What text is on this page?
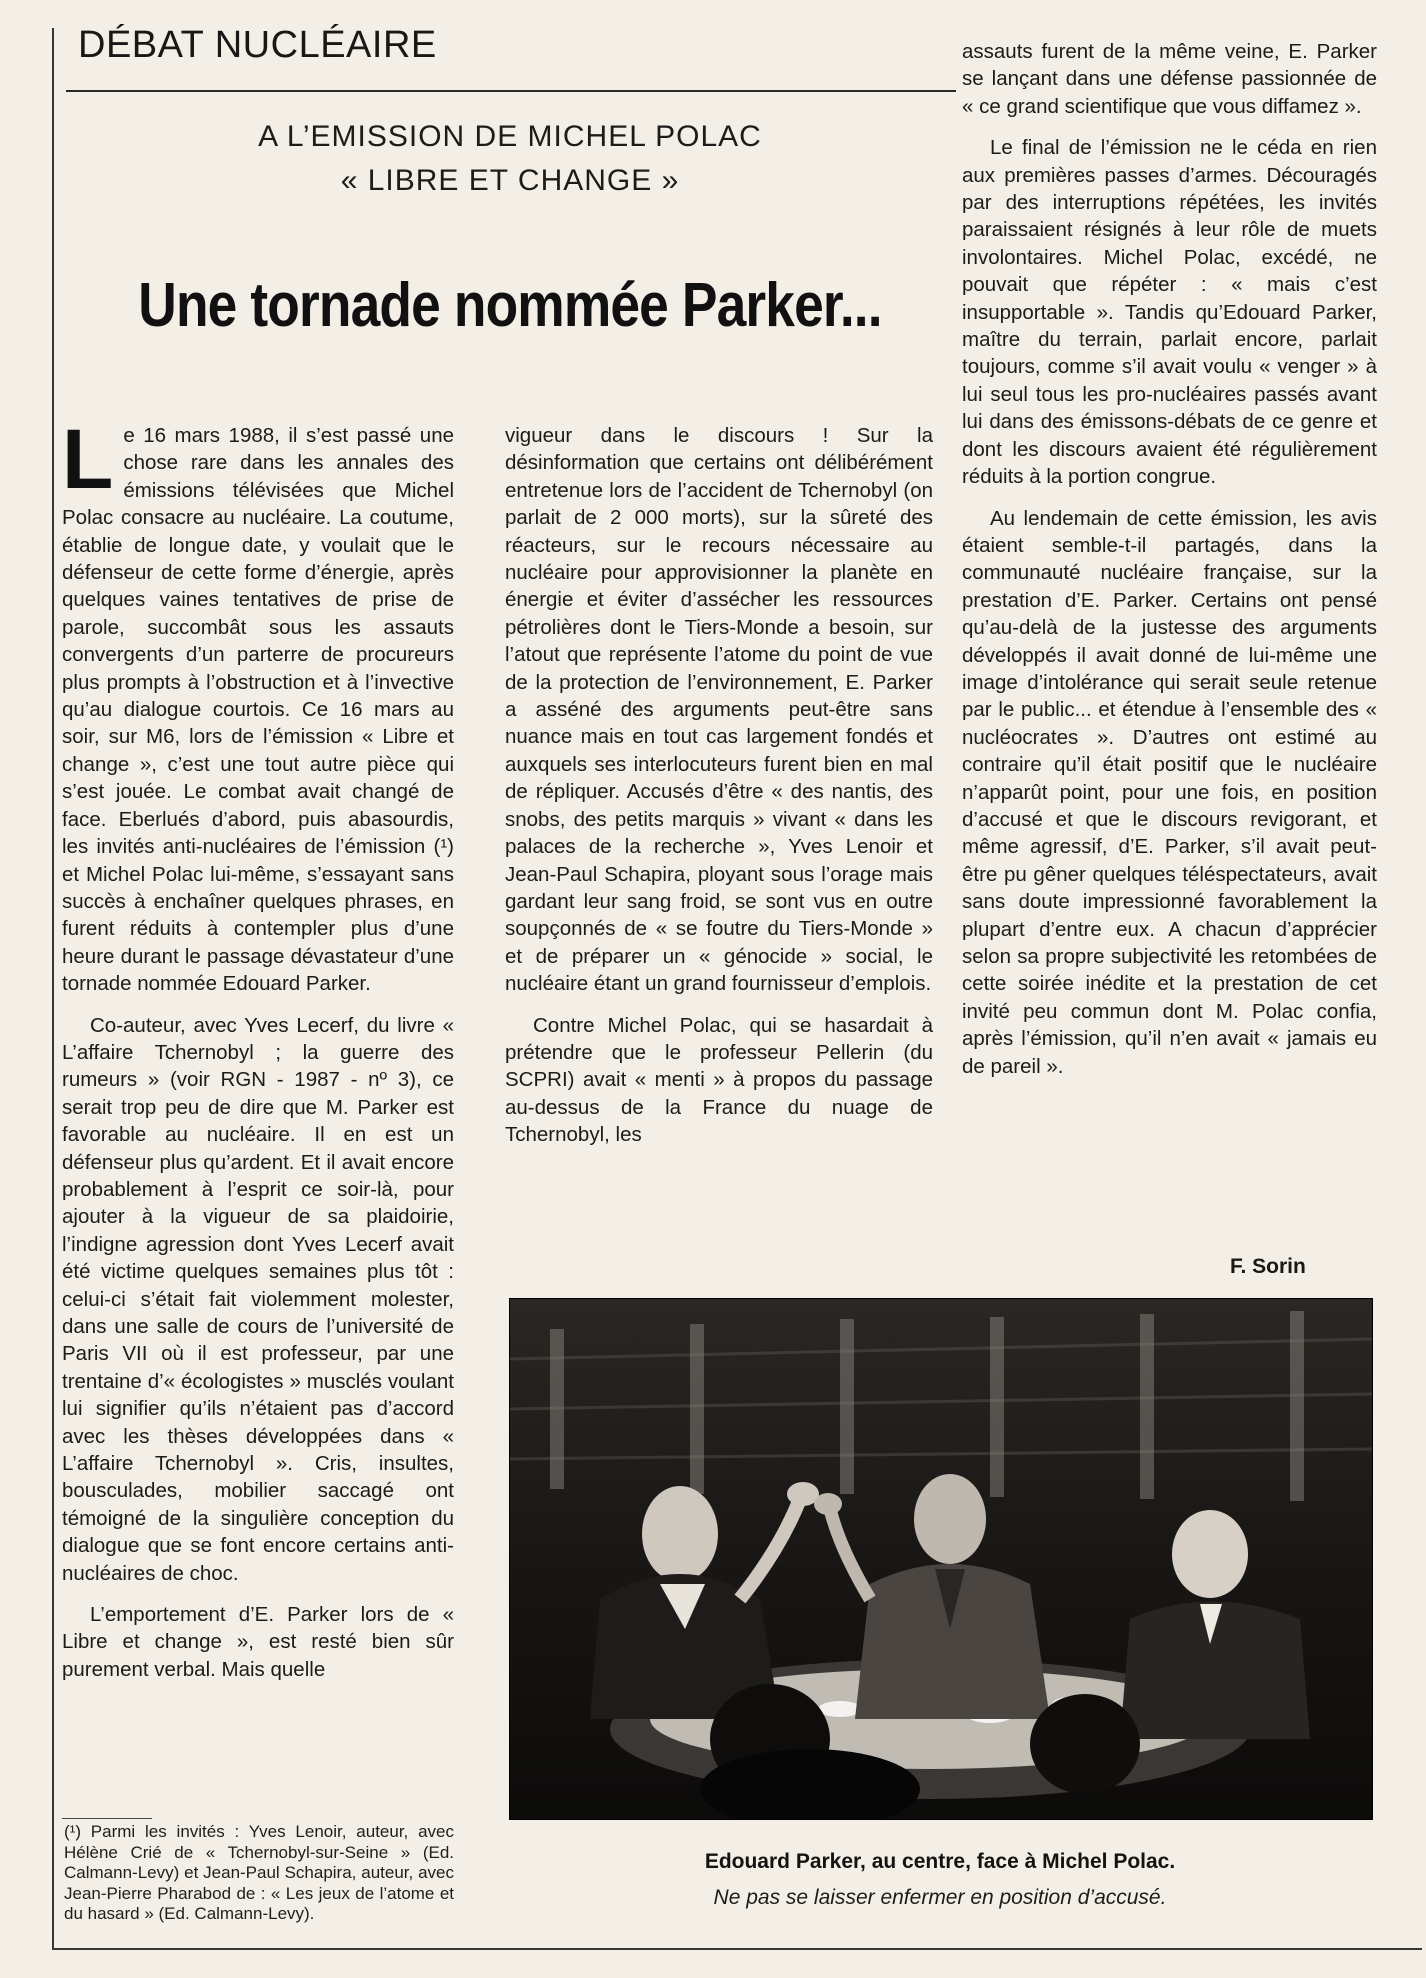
DÉBAT NUCLÉAIRE
A L’EMISSION DE MICHEL POLAC
« LIBRE ET CHANGE »
Une tornade nommée Parker...

Le 16 mars 1988, il s’est passé une chose rare dans les annales des émissions télévisées que Michel Polac consacre au nucléaire. La coutume, établie de longue date, y voulait que le défenseur de cette forme d’énergie, après quelques vaines tentatives de prise de parole, succombât sous les assauts convergents d’un parterre de procureurs plus prompts à l’obstruction et à l’invective qu’au dialogue courtois. Ce 16 mars au soir, sur M6, lors de l’émission « Libre et change », c’est une tout autre pièce qui s’est jouée. Le combat avait changé de face. Eberlués d’abord, puis abasourdis, les invités anti-nucléaires de l’émission (¹) et Michel Polac lui-même, s’essayant sans succès à enchaîner quelques phrases, en furent réduits à contempler plus d’une heure durant le passage dévastateur d’une tornade nommée Edouard Parker.

Co-auteur, avec Yves Lecerf, du livre « L’affaire Tchernobyl ; la guerre des rumeurs » (voir RGN - 1987 - nº 3), ce serait trop peu de dire que M. Parker est favorable au nucléaire. Il en est un défenseur plus qu’ardent. Et il avait encore probablement à l’esprit ce soir-là, pour ajouter à la vigueur de sa plaidoirie, l’indigne agression dont Yves Lecerf avait été victime quelques semaines plus tôt : celui-ci s’était fait violemment molester, dans une salle de cours de l’université de Paris VII où il est professeur, par une trentaine d’« écologistes » musclés voulant lui signifier qu’ils n’étaient pas d’accord avec les thèses développées dans « L’affaire Tchernobyl ». Cris, insultes, bousculades, mobilier saccagé ont témoigné de la singulière conception du dialogue que se font encore certains anti-nucléaires de choc.

L’emportement d’E. Parker lors de « Libre et change », est resté bien sûr purement verbal. Mais quelle

vigueur dans le discours ! Sur la désinformation que certains ont délibérément entretenue lors de l’accident de Tchernobyl (on parlait de 2 000 morts), sur la sûreté des réacteurs, sur le recours nécessaire au nucléaire pour approvisionner la planète en énergie et éviter d’assécher les ressources pétrolières dont le Tiers-Monde a besoin, sur l’atout que représente l’atome du point de vue de la protection de l’environnement, E. Parker a asséné des arguments peut-être sans nuance mais en tout cas largement fondés et auxquels ses interlocuteurs furent bien en mal de répliquer. Accusés d’être « des nantis, des snobs, des petits marquis » vivant « dans les palaces de la recherche », Yves Lenoir et Jean-Paul Schapira, ployant sous l’orage mais gardant leur sang froid, se sont vus en outre soupçonnés de « se foutre du Tiers-Monde » et de préparer un « génocide » social, le nucléaire étant un grand fournisseur d’emplois.

Contre Michel Polac, qui se hasardait à prétendre que le professeur Pellerin (du SCPRI) avait « menti » à propos du passage au-dessus de la France du nuage de Tchernobyl, les

assauts furent de la même veine, E. Parker se lançant dans une défense passionnée de « ce grand scientifique que vous diffamez ».

Le final de l’émission ne le céda en rien aux premières passes d’armes. Découragés par des interruptions répétées, les invités paraissaient résignés à leur rôle de muets involontaires. Michel Polac, excédé, ne pouvait que répéter : « mais c’est insupportable ». Tandis qu’Edouard Parker, maître du terrain, parlait encore, parlait toujours, comme s’il avait voulu « venger » à lui seul tous les pro-nucléaires passés avant lui dans des émissons-débats de ce genre et dont les discours avaient été régulièrement réduits à la portion congrue.

Au lendemain de cette émission, les avis étaient semble-t-il partagés, dans la communauté nucléaire française, sur la prestation d’E. Parker. Certains ont pensé qu’au-delà de la justesse des arguments développés il avait donné de lui-même une image d’intolérance qui serait seule retenue par le public... et étendue à l’ensemble des « nucléocrates ». D’autres ont estimé au contraire qu’il était positif que le nucléaire n’apparût point, pour une fois, en position d’accusé et que le discours revigorant, et même agressif, d’E. Parker, s’il avait peut-être pu gêner quelques téléspectateurs, avait sans doute impressionné favorablement la plupart d’entre eux. A chacun d’apprécier selon sa propre subjectivité les retombées de cette soirée inédite et la prestation de cet invité peu commun dont M. Polac confia, après l’émission, qu’il n’en avait « jamais eu de pareil ».

F. Sorin
Edouard Parker, au centre, face à Michel Polac.
Ne pas se laisser enfermer en position d’accusé.
(¹) Parmi les invités : Yves Lenoir, auteur, avec Hélène Crié de « Tchernobyl-sur-Seine » (Ed. Calmann-Levy) et Jean-Paul Schapira, auteur, avec Jean-Pierre Pharabod de : « Les jeux de l’atome et du hasard » (Ed. Calmann-Levy).
